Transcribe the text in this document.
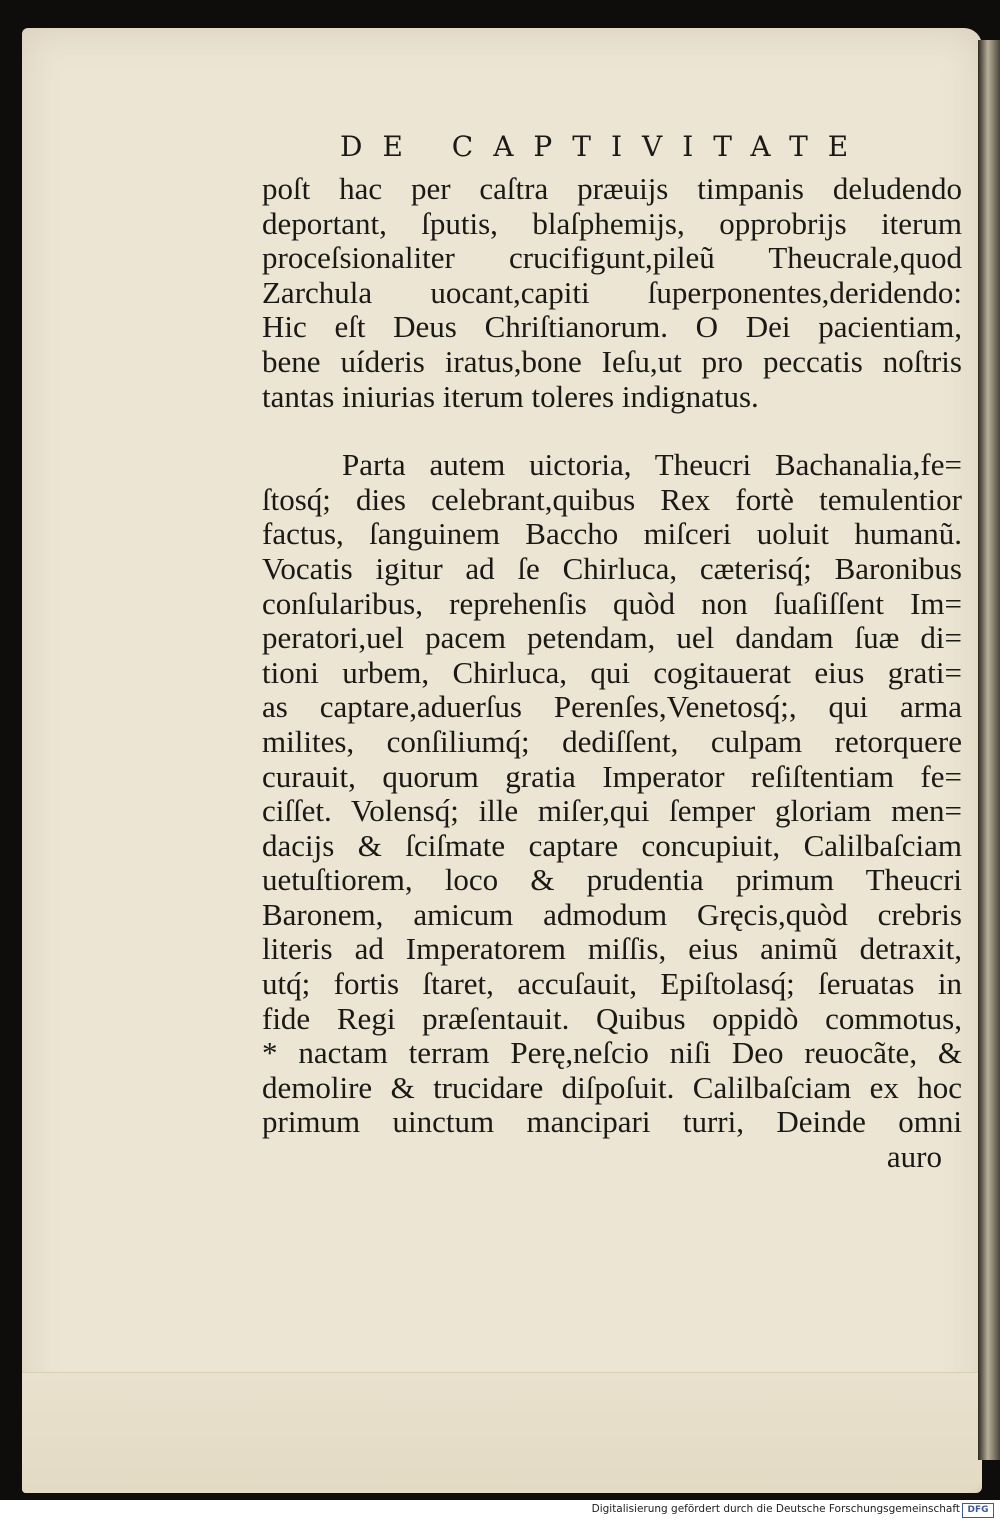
DE CAPTIVITATE
poſt hac per caſtra præuijs timpanis deludendo
deportant, ſputis, blaſphemijs, opprobrijs iterum
proceſsionaliter crucifigunt,pileũ Theucrale,quod
Zarchula uocant,capiti ſuperponentes,deridendo:
Hic eſt Deus Chriſtianorum. O Dei pacientiam,
bene uíderis iratus,bone Ieſu,ut pro peccatis noſtris
tantas iniurias iterum toleres indignatus.
Parta autem uictoria, Theucri Bachanalia,fe=
ſtosq́; dies celebrant,quibus Rex fortè temulentior
factus, ſanguinem Baccho miſceri uoluit humanũ.
Vocatis igitur ad ſe Chirluca, cæterisq́; Baronibus
conſularibus, reprehenſis quòd non ſuaſiſſent Im=
peratori,uel pacem petendam, uel dandam ſuæ di=
tioni urbem, Chirluca, qui cogitauerat eius grati=
as captare,aduerſus Perenſes,Venetosq́;, qui arma
milites, conſiliumq́; dediſſent, culpam retorquere
curauit, quorum gratia Imperator reſiſtentiam fe=
ciſſet. Volensq́; ille miſer,qui ſemper gloriam men=
dacijs & ſciſmate captare concupiuit, Calilbaſciam
uetuſtiorem, loco & prudentia primum Theucri
Baronem, amicum admodum Gręcis,quòd crebris
literis ad Imperatorem miſſis, eius animũ detraxit,
utq́; fortis ſtaret, accuſauit, Epiſtolasq́; ſeruatas in
fide Regi præſentauit. Quibus oppidò commotus,
* nactam terram Perę,neſcio niſi Deo reuocãte, &
demolire & trucidare diſpoſuit. Calilbaſciam ex hoc
primum uinctum mancipari turri, Deinde omni
auro
Digitalisierung gefördert durch die Deutsche Forschungsgemeinschaft DFG
